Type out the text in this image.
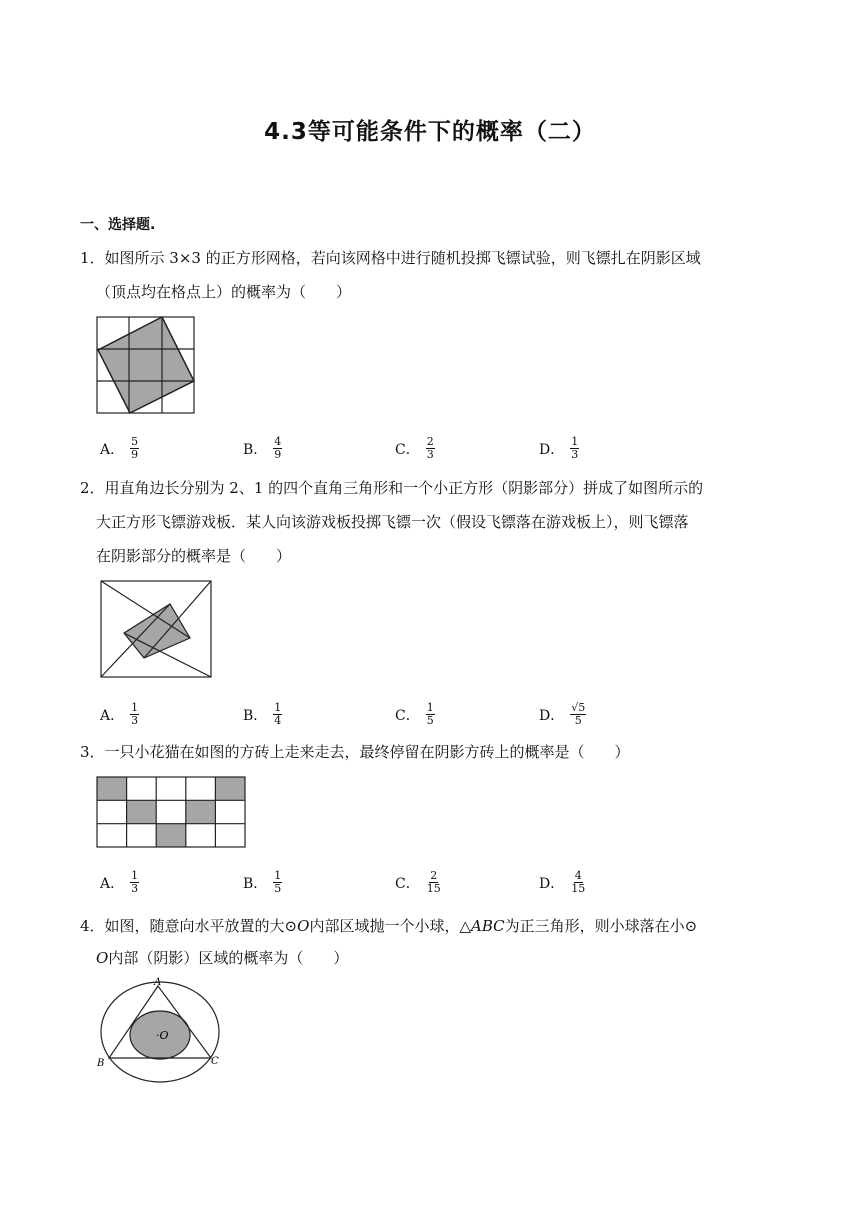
4.3等可能条件下的概率（二）
一、选择题.
1．如图所示 3×3 的正方形网格，若向该网格中进行随机投掷飞镖试验，则飞镖扎在阴影区域
（顶点均在格点上）的概率为（　　）
A． $\frac{5}{9}$	B． $\frac{4}{9}$	C． $\frac{2}{3}$	D． $\frac{1}{3}$
2．用直角边长分别为 2、1 的四个直角三角形和一个小正方形（阴影部分）拼成了如图所示的
大正方形飞镖游戏板．某人向该游戏板投掷飞镖一次（假设飞镖落在游戏板上），则飞镖落
在阴影部分的概率是（　　）
A． $\frac{1}{3}$	B． $\frac{1}{4}$	C． $\frac{1}{5}$	D． $\frac{√5}{5}$
3．一只小花猫在如图的方砖上走来走去，最终停留在阴影方砖上的概率是（　　）
A． $\frac{1}{3}$	B． $\frac{1}{5}$	C． $\frac{2}{15}$	D． $\frac{4}{15}$
4．如图，随意向水平放置的大⊙O内部区域抛一个小球，△ABC为正三角形，则小球落在小⊙
O内部（阴影）区域的概率为（　　）
A
B	C
·O
